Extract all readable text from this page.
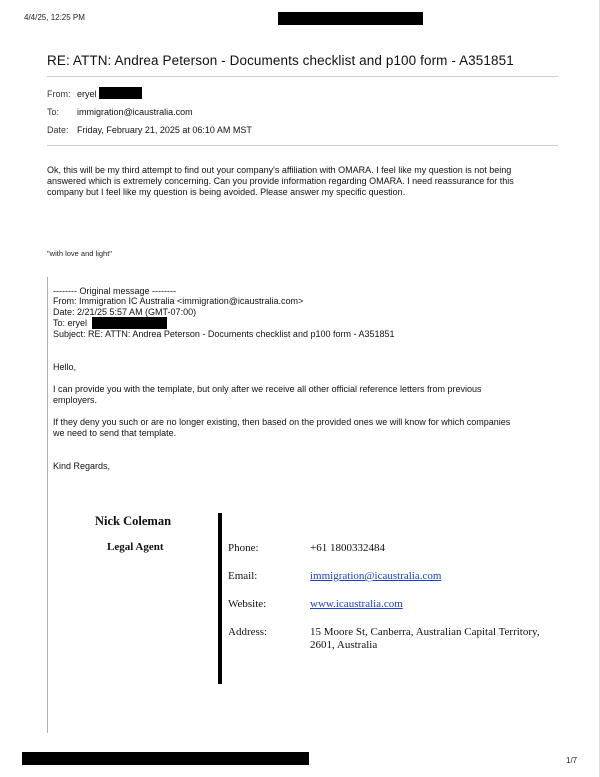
4/4/25, 12:25 PM
RE: ATTN: Andrea Peterson - Documents checklist and p100 form - A351851
From: eryel
To: immigration@icaustralia.com
Date: Friday, February 21, 2025 at 06:10 AM MST
Ok, this will be my third attempt to find out your company's affiliation with OMARA. I feel like my question is not being
answered which is extremely concerning. Can you provide information regarding OMARA. I need reassurance for this
company but I feel like my question is being avoided. Please answer my specific question.
"with love and light"
-------- Original message --------
From: Immigration IC Australia <immigration@icaustralia.com>
Date: 2/21/25 5:57 AM (GMT-07:00)
To: eryel
Subject: RE: ATTN: Andrea Peterson - Documents checklist and p100 form - A351851
Hello,
I can provide you with the template, but only after we receive all other official reference letters from previous
employers.
If they deny you such or are no longer existing, then based on the provided ones we will know for which companies
we need to send that template.
Kind Regards,
Nick Coleman
Legal Agent	Phone:	+61 1800332484
Email:	immigration@icaustralia.com
Website:	www.icaustralia.com
Address:	15 Moore St, Canberra, Australian Capital Territory,
2601, Australia
1/7
